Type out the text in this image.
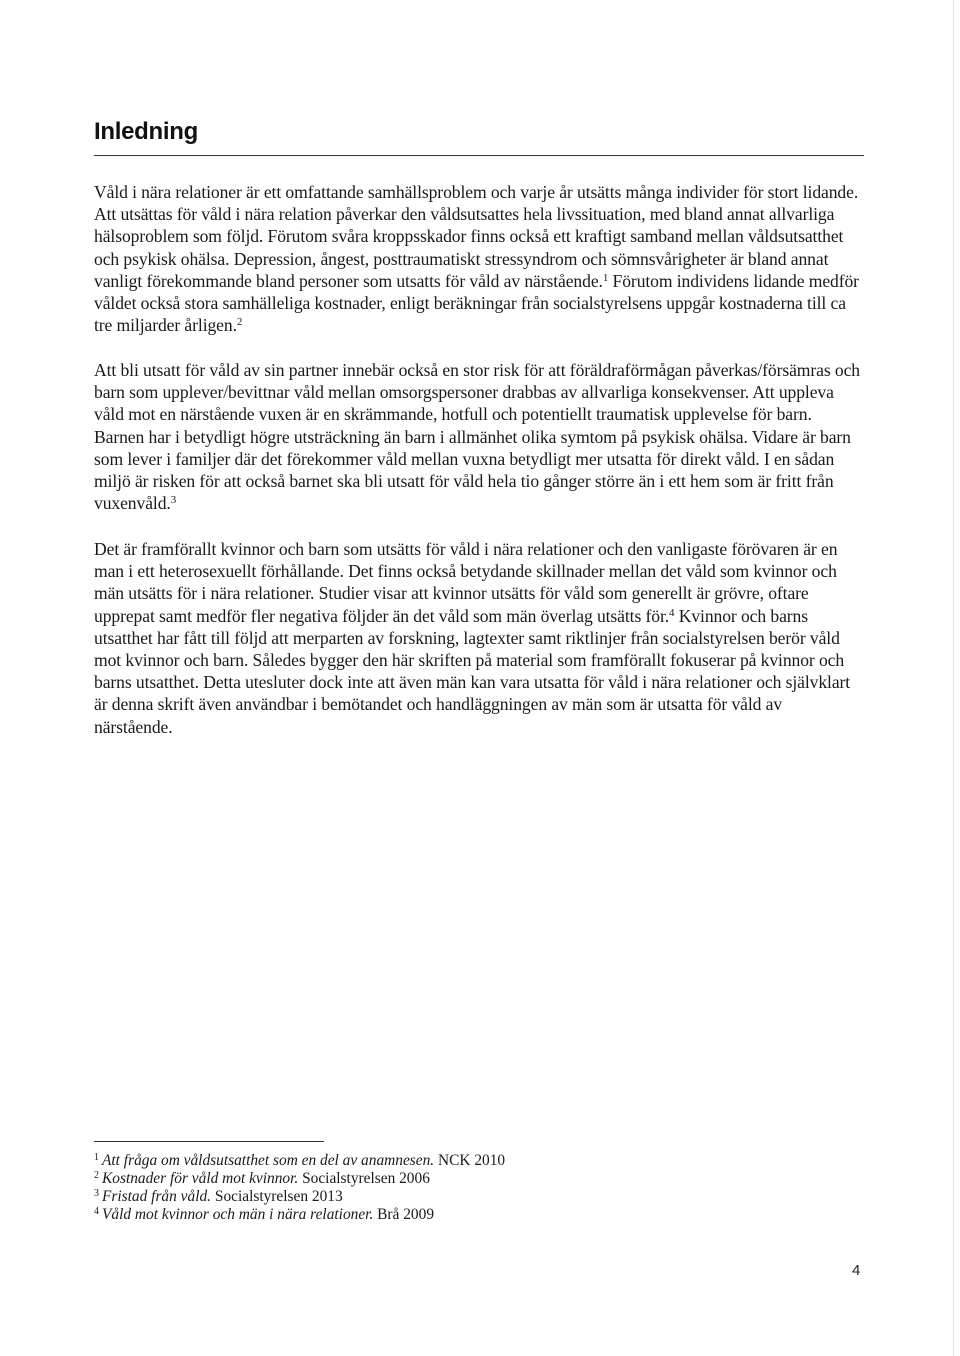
Inledning

Våld i nära relationer är ett omfattande samhällsproblem och varje år utsätts många individer för stort lidande. Att utsättas för våld i nära relation påverkar den våldsutsattes hela livssituation, med bland annat allvarliga hälsoproblem som följd. Förutom svåra kroppsskador finns också ett kraftigt samband mellan våldsutsatthet och psykisk ohälsa. Depression, ångest, posttraumatiskt stressyndrom och sömnsvårigheter är bland annat vanligt förekommande bland personer som utsatts för våld av närstående.$^1$ Förutom individens lidande medför våldet också stora samhälleliga kostnader, enligt beräkningar från socialstyrelsens uppgår kostnaderna till ca tre miljarder årligen.$^2$

Att bli utsatt för våld av sin partner innebär också en stor risk för att föräldraförmågan påverkas/försämras och barn som upplever/bevittnar våld mellan omsorgspersoner drabbas av allvarliga konsekvenser. Att uppleva våld mot en närstående vuxen är en skrämmande, hotfull och potentiellt traumatisk upplevelse för barn. Barnen har i betydligt högre utsträckning än barn i allmänhet olika symtom på psykisk ohälsa. Vidare är barn som lever i familjer där det förekommer våld mellan vuxna betydligt mer utsatta för direkt våld. I en sådan miljö är risken för att också barnet ska bli utsatt för våld hela tio gånger större än i ett hem som är fritt från vuxenvåld.$^3$

Det är framförallt kvinnor och barn som utsätts för våld i nära relationer och den vanligaste förövaren är en man i ett heterosexuellt förhållande. Det finns också betydande skillnader mellan det våld som kvinnor och män utsätts för i nära relationer. Studier visar att kvinnor utsätts för våld som generellt är grövre, oftare upprepat samt medför fler negativa följder än det våld som män överlag utsätts för.$^4$ Kvinnor och barns utsatthet har fått till följd att merparten av forskning, lagtexter samt riktlinjer från socialstyrelsen berör våld mot kvinnor och barn. Således bygger den här skriften på material som framförallt fokuserar på kvinnor och barns utsatthet. Detta utesluter dock inte att även män kan vara utsatta för våld i nära relationer och självklart är denna skrift även användbar i bemötandet och handläggningen av män som är utsatta för våld av närstående.

$^1$ Att fråga om våldsutsatthet som en del av anamnesen. NCK 2010
$^2$ Kostnader för våld mot kvinnor. Socialstyrelsen 2006
$^3$ Fristad från våld. Socialstyrelsen 2013
$^4$ Våld mot kvinnor och män i nära relationer. Brå 2009
4
